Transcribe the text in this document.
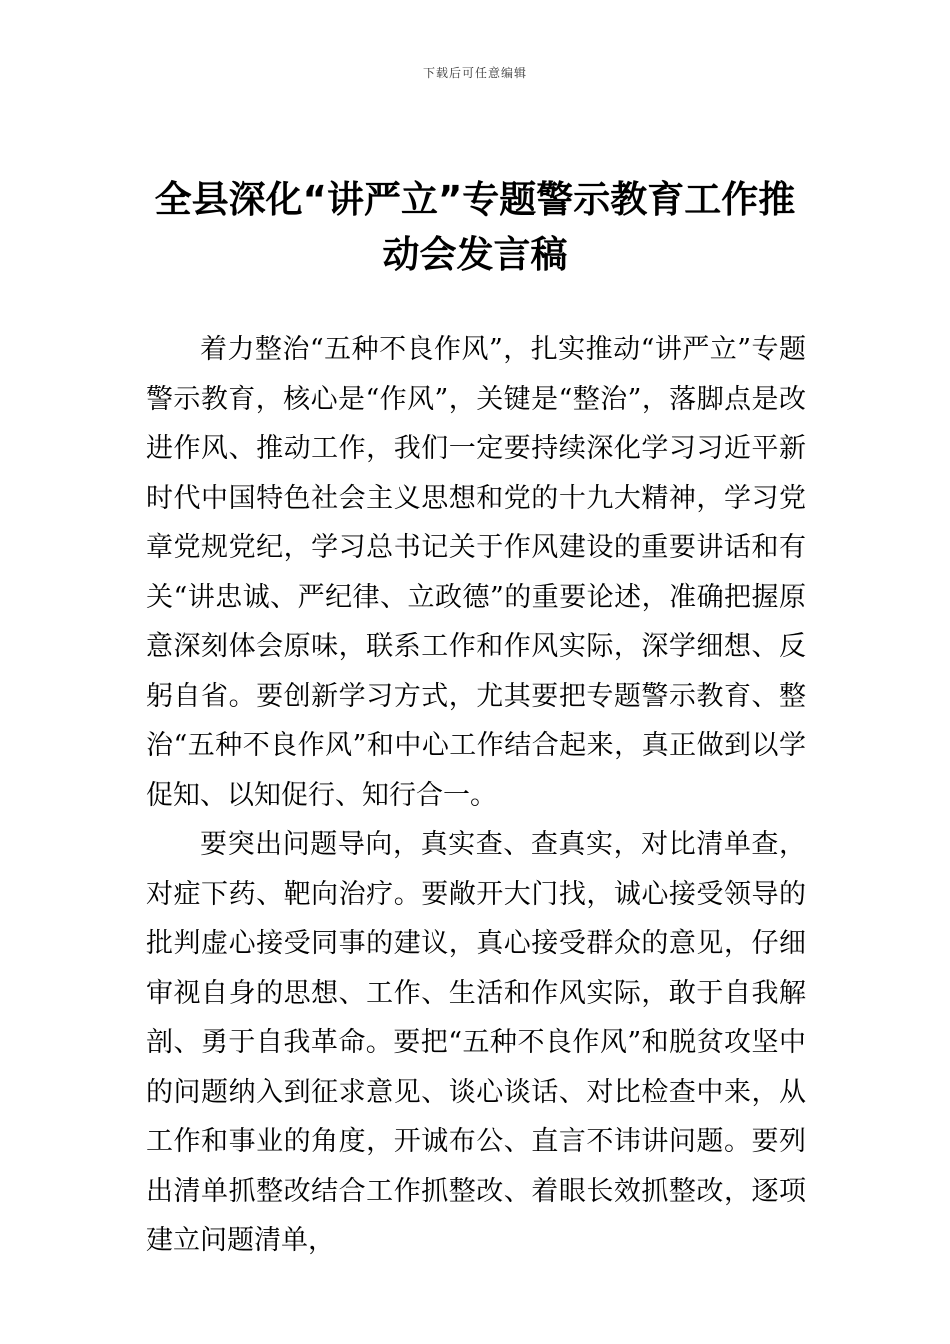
下载后可任意编辑
全县深化“讲严立”专题警示教育工作推动会发言稿

着力整治“五种不良作风”，扎实推动“讲严立”专题警示教育，核心是“作风”，关键是“整治”，落脚点是改进作风、推动工作，我们一定要持续深化学习习近平新时代中国特色社会主义思想和党的十九大精神，学习党章党规党纪，学习总书记关于作风建设的重要讲话和有关“讲忠诚、严纪律、立政德”的重要论述，准确把握原意深刻体会原味，联系工作和作风实际，深学细想、反躬自省。要创新学习方式，尤其要把专题警示教育、整治“五种不良作风”和中心工作结合起来，真正做到以学促知、以知促行、知行合一。

要突出问题导向，真实查、查真实，对比清单查，对症下药、靶向治疗。要敞开大门找，诚心接受领导的批判虚心接受同事的建议，真心接受群众的意见，仔细审视自身的思想、工作、生活和作风实际，敢于自我解剖、勇于自我革命。要把“五种不良作风”和脱贫攻坚中的问题纳入到征求意见、谈心谈话、对比检查中来，从工作和事业的角度，开诚布公、直言不讳讲问题。要列出清单抓整改结合工作抓整改、着眼长效抓整改，逐项建立问题清单，
